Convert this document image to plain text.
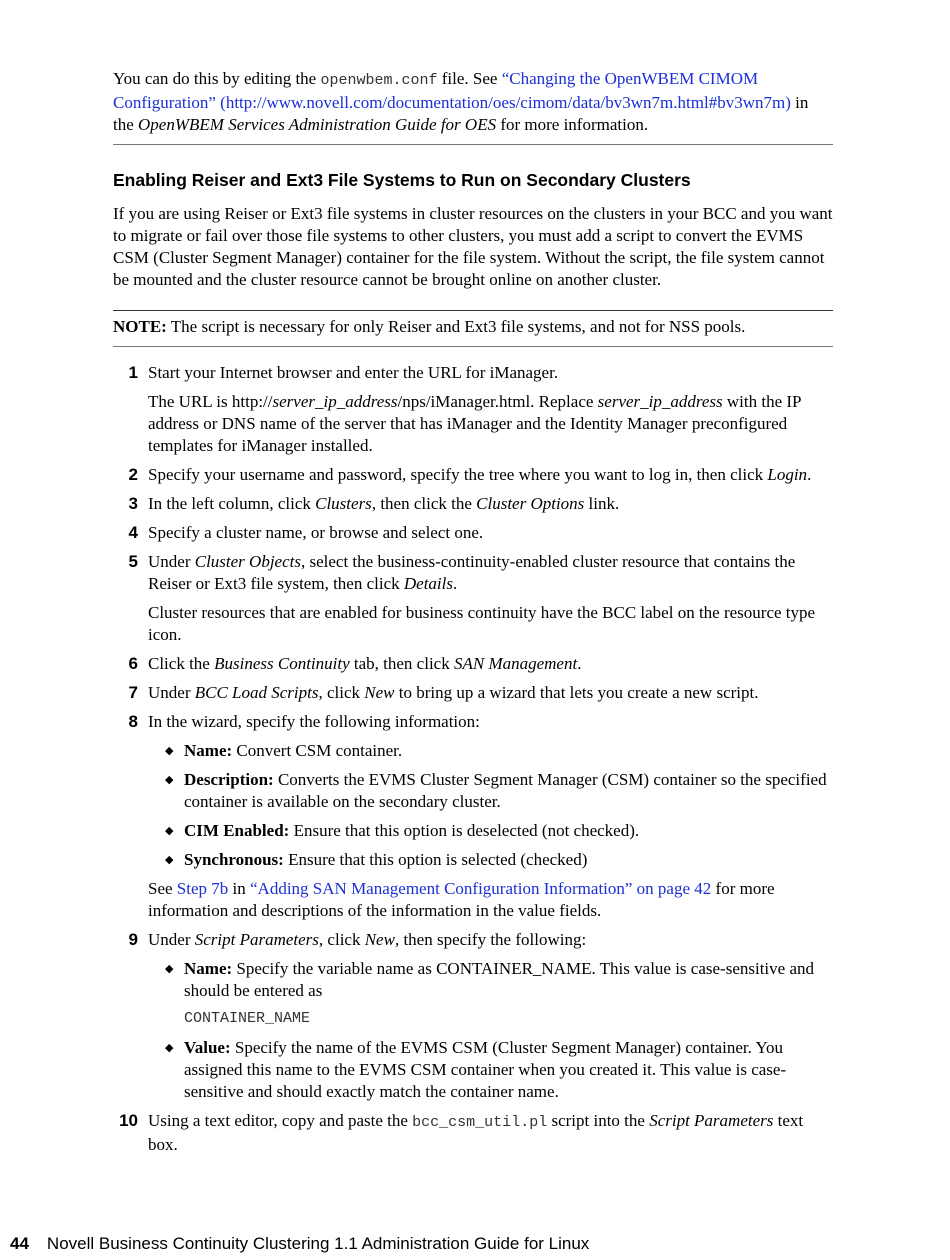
You can do this by editing the openwbem.conf file. See “Changing the OpenWBEM CIMOM Configuration” (http://www.novell.com/documentation/oes/cimom/data/bv3wn7m.html#bv3wn7m) in the OpenWBEM Services Administration Guide for OES for more information.

Enabling Reiser and Ext3 File Systems to Run on Secondary Clusters

If you are using Reiser or Ext3 file systems in cluster resources on the clusters in your BCC and you want to migrate or fail over those file systems to other clusters, you must add a script to convert the EVMS CSM (Cluster Segment Manager) container for the file system. Without the script, the file system cannot be mounted and the cluster resource cannot be brought online on another cluster.

NOTE: The script is necessary for only Reiser and Ext3 file systems, and not for NSS pools.

1 Start your Internet browser and enter the URL for iManager.

The URL is http://server_ip_address/nps/iManager.html. Replace server_ip_address with the IP address or DNS name of the server that has iManager and the Identity Manager preconfigured templates for iManager installed.

2 Specify your username and password, specify the tree where you want to log in, then click Login.

3 In the left column, click Clusters, then click the Cluster Options link.

4 Specify a cluster name, or browse and select one.

5 Under Cluster Objects, select the business-continuity-enabled cluster resource that contains the Reiser or Ext3 file system, then click Details.

Cluster resources that are enabled for business continuity have the BCC label on the resource type icon.

6 Click the Business Continuity tab, then click SAN Management.

7 Under BCC Load Scripts, click New to bring up a wizard that lets you create a new script.

8 In the wizard, specify the following information:

◆ Name: Convert CSM container.

◆ Description: Converts the EVMS Cluster Segment Manager (CSM) container so the specified container is available on the secondary cluster.

◆ CIM Enabled: Ensure that this option is deselected (not checked).

◆ Synchronous: Ensure that this option is selected (checked)

See Step 7b in “Adding SAN Management Configuration Information” on page 42 for more information and descriptions of the information in the value fields.

9 Under Script Parameters, click New, then specify the following:

◆ Name: Specify the variable name as CONTAINER_NAME. This value is case-sensitive and should be entered as

CONTAINER_NAME

◆ Value: Specify the name of the EVMS CSM (Cluster Segment Manager) container. You assigned this name to the EVMS CSM container when you created it. This value is case-sensitive and should exactly match the container name.

10 Using a text editor, copy and paste the bcc_csm_util.pl script into the Script Parameters text box.

44 Novell Business Continuity Clustering 1.1 Administration Guide for Linux
